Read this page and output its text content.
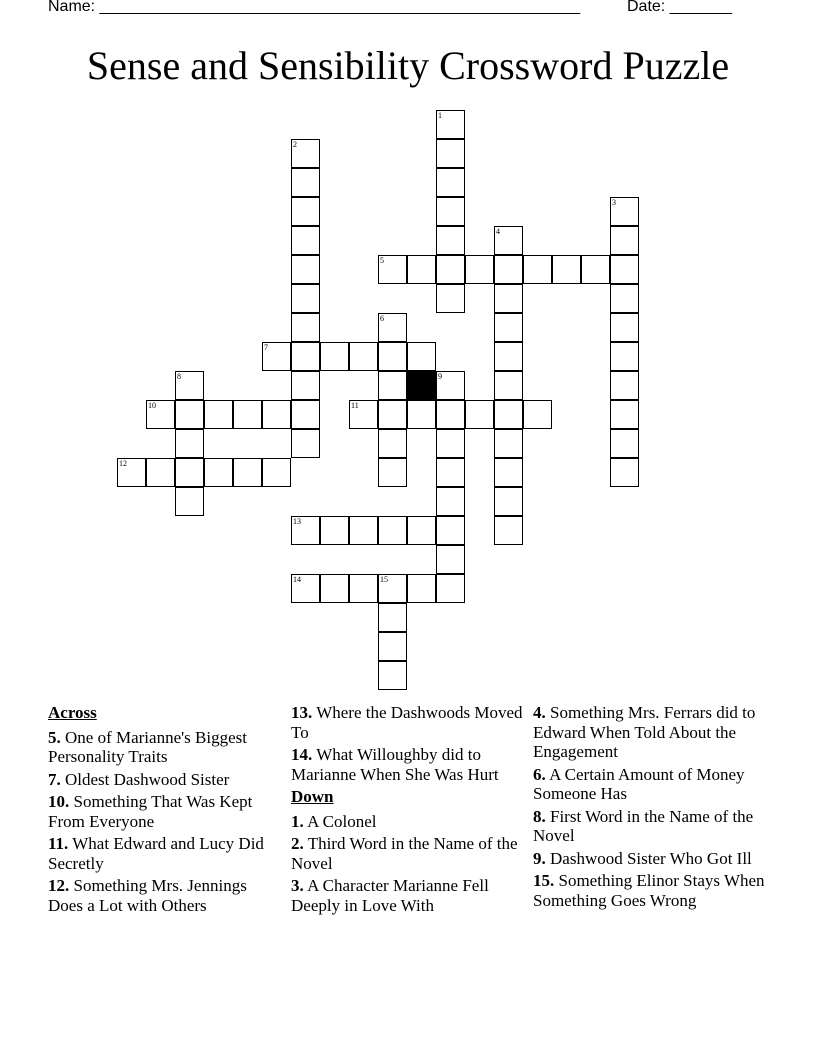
Name: ______________________________________________________

	Date: _______

Sense and Sensibility Crossword Puzzle
1
2
3
4
5
6
7
8	9
10	11
12
13
14	15
Across
5. One of Marianne's Biggest Personality Traits
7. Oldest Dashwood Sister
10. Something That Was Kept From Everyone
11. What Edward and Lucy Did Secretly
12. Something Mrs. Jennings Does a Lot with Others
13. Where the Dashwoods Moved To
14. What Willoughby did to Marianne When She Was Hurt
Down
1. A Colonel
2. Third Word in the Name of the Novel
3. A Character Marianne Fell Deeply in Love With
4. Something Mrs. Ferrars did to Edward When Told About the Engagement
6. A Certain Amount of Money Someone Has
8. First Word in the Name of the Novel
9. Dashwood Sister Who Got Ill
15. Something Elinor Stays When Something Goes Wrong
